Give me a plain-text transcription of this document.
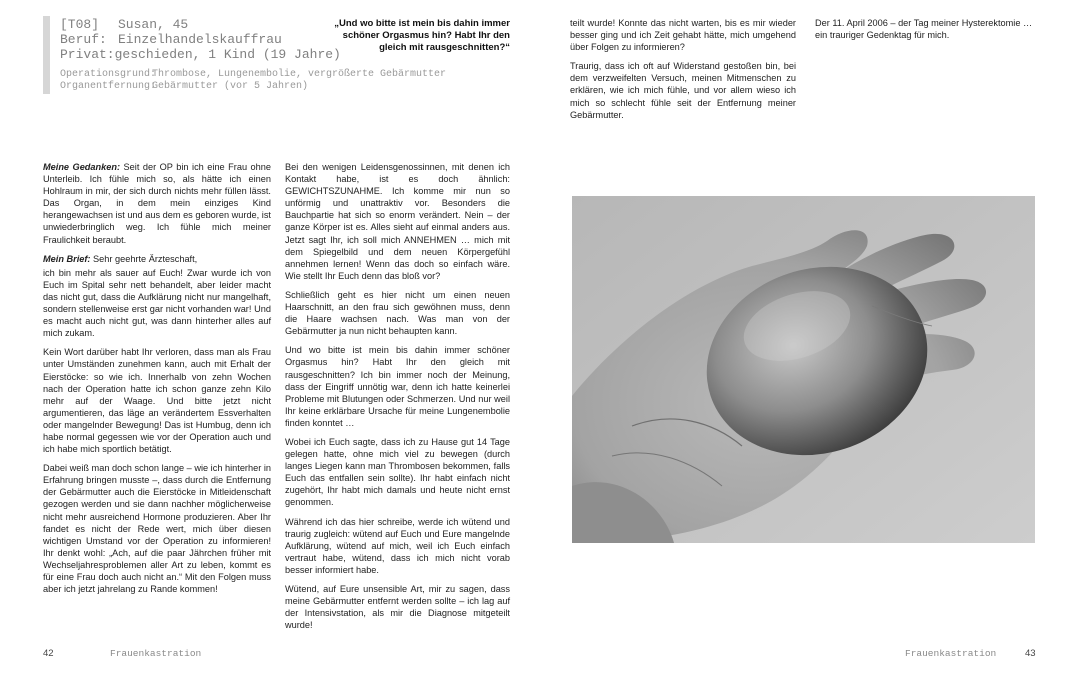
[T08]	Susan, 45
Beruf: Einzelhandelskauffrau
Privat: geschieden, 1 Kind (19 Jahre)
Operationsgrund:
Thrombose, Lungenembolie, vergrößerte Gebärmutter
Organentfernung:
Gebärmutter (vor 5 Jahren)
„Und wo bitte ist mein bis dahin immer schöner Orgasmus hin? Habt Ihr den gleich mit rausgeschnitten?“

Meine Gedanken: Seit der OP bin ich eine Frau ohne Unterleib. Ich fühle mich so, als hätte ich einen Hohlraum in mir, der sich durch nichts mehr füllen lässt. Das Organ, in dem mein einziges Kind herangewachsen ist und aus dem es geboren wurde, ist unwiederbringlich weg. Ich fühle mich meiner Fraulichkeit beraubt.

Mein Brief: Sehr geehrte Ärzteschaft,

ich bin mehr als sauer auf Euch! Zwar wurde ich von Euch im Spital sehr nett behandelt, aber leider macht das nicht gut, dass die Aufklärung nicht nur mangelhaft, sondern stellenweise erst gar nicht vorhanden war! Und es macht auch nicht gut, was dann hinterher alles auf mich zukam.

Kein Wort darüber habt Ihr verloren, dass man als Frau unter Umständen zunehmen kann, auch mit Erhalt der Eierstöcke: so wie ich. Innerhalb von zehn Wochen nach der Operation hatte ich schon ganze zehn Kilo mehr auf der Waage. Und bitte jetzt nicht argumentieren, das läge an verändertem Essverhalten oder mangelnder Bewegung! Das ist Humbug, denn ich habe normal gegessen wie vor der Operation auch und ich habe mich sportlich betätigt.

Dabei weiß man doch schon lange – wie ich hinterher in Erfahrung bringen musste –, dass durch die Entfernung der Gebärmutter auch die Eierstöcke in Mitleidenschaft gezogen werden und sie dann nachher möglicherweise nicht mehr ausreichend Hormone produzieren. Aber Ihr fandet es nicht der Rede wert, mich über diesen wichtigen Umstand vor der Operation zu informieren! Ihr denkt wohl: „Ach, auf die paar Jährchen früher mit Wechseljahresproblemen aller Art zu leben, kommt es für eine Frau doch auch nicht an.“ Mit den Folgen muss aber ich jetzt jahrelang zu Rande kommen!

Bei den wenigen Leidensgenossinnen, mit denen ich Kontakt habe, ist es doch ähnlich: GEWICHTSZUNAHME. Ich komme mir nun so unförmig und unattraktiv vor. Besonders die Bauchpartie hat sich so enorm verändert. Nein – der ganze Körper ist es. Alles sieht auf einmal anders aus. Jetzt sagt Ihr, ich soll mich ANNEHMEN … mich mit dem Spiegelbild und dem neuen Körpergefühl annehmen lernen! Wenn das doch so einfach wäre. Wie stellt Ihr Euch denn das bloß vor?

Schließlich geht es hier nicht um einen neuen Haarschnitt, an den frau sich gewöhnen muss, denn die Haare wachsen nach. Was man von der Gebärmutter ja nun nicht behaupten kann.

Und wo bitte ist mein bis dahin immer schöner Orgasmus hin? Habt Ihr den gleich mit rausgeschnitten? Ich bin immer noch der Meinung, dass der Eingriff unnötig war, denn ich hatte keinerlei Probleme mit Blutungen oder Schmerzen. Und nur weil Ihr keine erklärbare Ursache für meine Lungenembolie finden konntet …

Wobei ich Euch sagte, dass ich zu Hause gut 14 Tage gelegen hatte, ohne mich viel zu bewegen (durch langes Liegen kann man Thrombosen bekommen, falls Euch das entfallen sein sollte). Ihr habt einfach nicht zugehört, Ihr habt mich damals und heute nicht ernst genommen.

Während ich das hier schreibe, werde ich wütend und traurig zugleich: wütend auf Euch und Eure mangelnde Aufklärung, wütend auf mich, weil ich Euch einfach vertraut habe, wütend, dass ich mich nicht vorab besser informiert habe.

Wütend, auf Eure unsensible Art, mir zu sagen, dass meine Gebärmutter entfernt werden sollte – ich lag auf der Intensivstation, als mir die Diagnose mitgeteilt wurde!

teilt wurde! Konnte das nicht warten, bis es mir wieder besser ging und ich Zeit gehabt hätte, mich umgehend über Folgen zu informieren?

Traurig, dass ich oft auf Widerstand gestoßen bin, bei dem verzweifelten Versuch, meinen Mitmenschen zu erklären, wie ich mich fühle, und vor allem wieso ich mich so schlecht fühle seit der Entfernung meiner Gebärmutter.

Der 11. April 2006 – der Tag meiner Hysterektomie … ein trauriger Gedenktag für mich.

42	Frauenkastration	Frauenkastration	43
